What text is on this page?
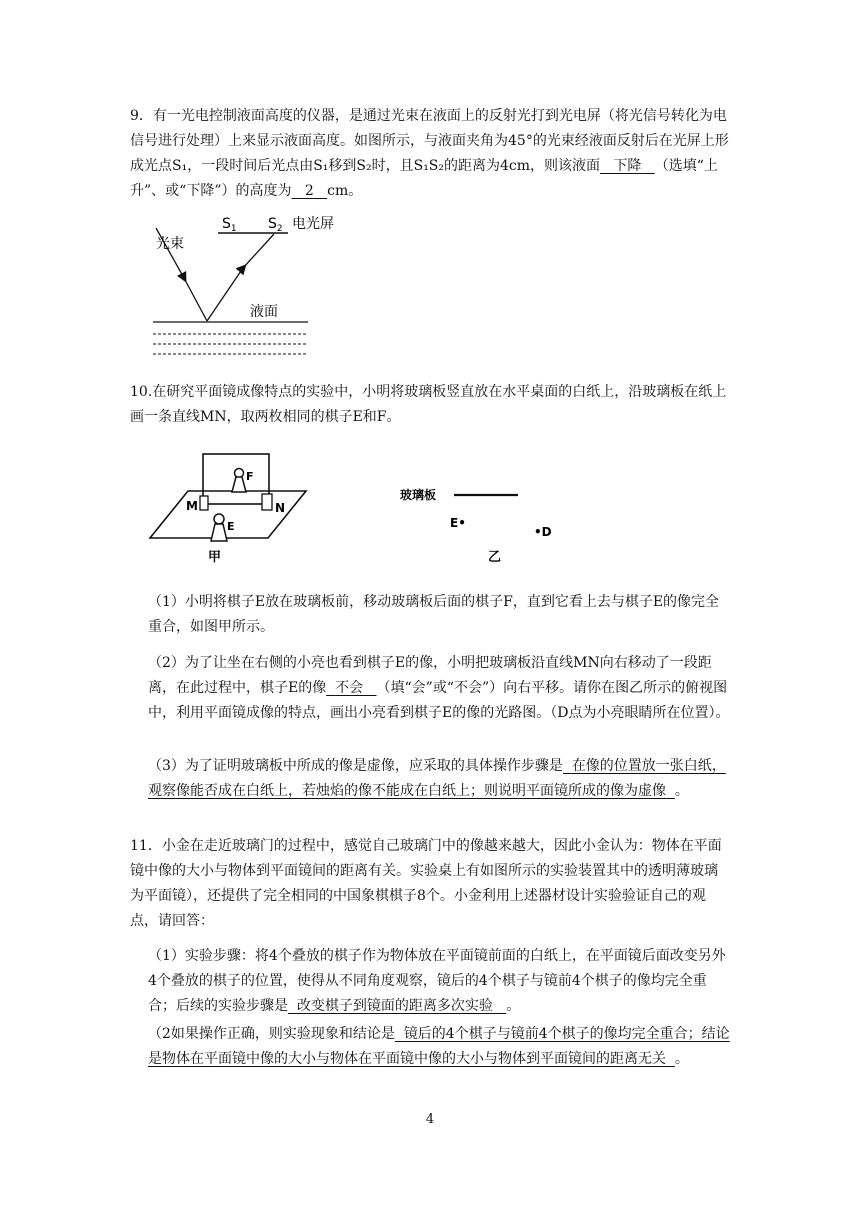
9．有一光电控制液面高度的仪器，是通过光束在液面上的反射光打到光电屏（将光信号转化为电信号进行处理）上来显示液面高度。如图所示，与液面夹角为45°的光束经液面反射后在光屏上形成光点S₁，一段时间后光点由S₁移到S₂时，且S₁S₂的距离为4cm，则该液面 下降 （选填“上升”、或“下降”）的高度为 2 cm。
$S_1$ $S_2$ 电光屏
光束
液面
10.在研究平面镜成像特点的实验中，小明将玻璃板竖直放在水平桌面的白纸上，沿玻璃板在纸上画一条直线MN，取两枚相同的棋子E和F。
M	N
F
E
甲
玻璃板
E•
•D
乙
（1）小明将棋子E放在玻璃板前，移动玻璃板后面的棋子F，直到它看上去与棋子E的像完全重合，如图甲所示。
（2）为了让坐在右侧的小亮也看到棋子E的像，小明把玻璃板沿直线MN向右移动了一段距离，在此过程中，棋子E的像 不会 （填“会”或“不会”）向右平移。请你在图乙所示的俯视图中，利用平面镜成像的特点，画出小亮看到棋子E的像的光路图。（D点为小亮眼睛所在位置）。
（3）为了证明玻璃板中所成的像是虚像，应采取的具体操作步骤是 在像的位置放一张白纸，观察像能否成在白纸上，若烛焰的像不能成在白纸上；则说明平面镜所成的像为虚像 。
11．小金在走近玻璃门的过程中，感觉自己玻璃门中的像越来越大，因此小金认为：物体在平面镜中像的大小与物体到平面镜间的距离有关。实验桌上有如图所示的实验装置其中的透明薄玻璃为平面镜），还提供了完全相同的中国象棋棋子8个。小金利用上述器材设计实验验证自己的观点，请回答：
（1）实验步骤：将4个叠放的棋子作为物体放在平面镜前面的白纸上，在平面镜后面改变另外4个叠放的棋子的位置，使得从不同角度观察，镜后的4个棋子与镜前4个棋子的像均完全重合；后续的实验步骤是 改变棋子到镜面的距离多次实验 。
（2如果操作正确，则实验现象和结论是 镜后的4个棋子与镜前4个棋子的像均完全重合；结论是物体在平面镜中像的大小与物体在平面镜中像的大小与物体到平面镜间的距离无关 。
4
